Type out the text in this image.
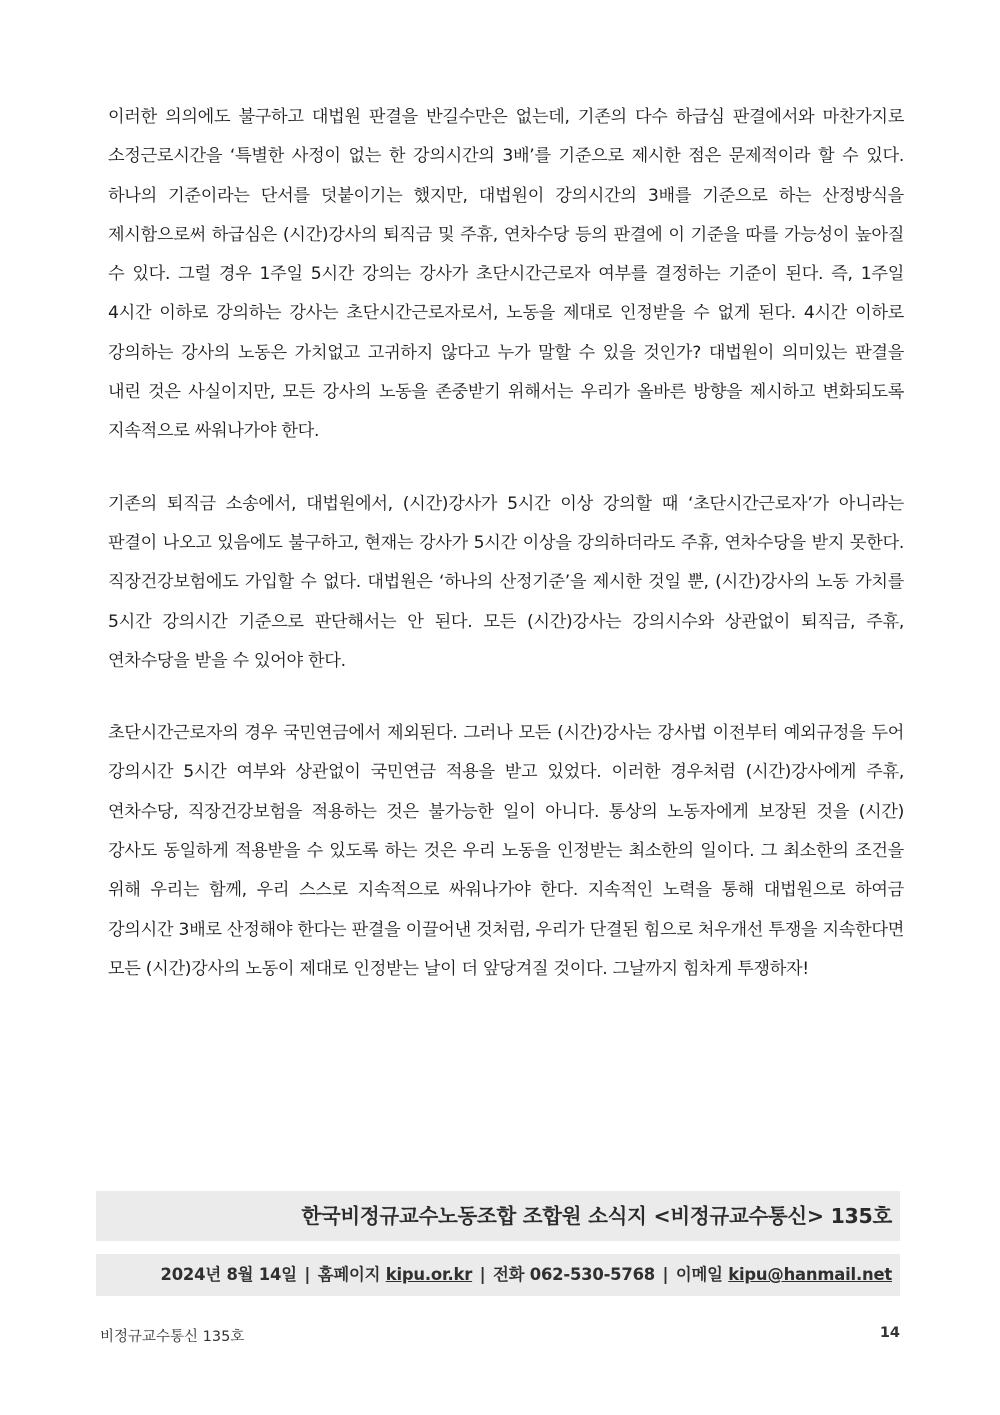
이러한 의의에도 불구하고 대법원 판결을 반길수만은 없는데, 기존의 다수 하급심 판결에서와 마찬가지로 소정근로시간을 ‘특별한 사정이 없는 한 강의시간의 3배’를 기준으로 제시한 점은 문제적이라 할 수 있다. 하나의 기준이라는 단서를 덧붙이기는 했지만, 대법원이 강의시간의 3배를 기준으로 하는 산정방식을 제시함으로써 하급심은 (시간)강사의 퇴직금 및 주휴, 연차수당 등의 판결에 이 기준을 따를 가능성이 높아질 수 있다. 그럴 경우 1주일 5시간 강의는 강사가 초단시간근로자 여부를 결정하는 기준이 된다. 즉, 1주일 4시간 이하로 강의하는 강사는 초단시간근로자로서, 노동을 제대로 인정받을 수 없게 된다. 4시간 이하로 강의하는 강사의 노동은 가치없고 고귀하지 않다고 누가 말할 수 있을 것인가? 대법원이 의미있는 판결을 내린 것은 사실이지만, 모든 강사의 노동을 존중받기 위해서는 우리가 올바른 방향을 제시하고 변화되도록 지속적으로 싸워나가야 한다.

기존의 퇴직금 소송에서, 대법원에서, (시간)강사가 5시간 이상 강의할 때 ‘초단시간근로자’가 아니라는 판결이 나오고 있음에도 불구하고, 현재는 강사가 5시간 이상을 강의하더라도 주휴, 연차수당을 받지 못한다. 직장건강보험에도 가입할 수 없다. 대법원은 ‘하나의 산정기준’을 제시한 것일 뿐, (시간)강사의 노동 가치를 5시간 강의시간 기준으로 판단해서는 안 된다. 모든 (시간)강사는 강의시수와 상관없이 퇴직금, 주휴, 연차수당을 받을 수 있어야 한다.

초단시간근로자의 경우 국민연금에서 제외된다. 그러나 모든 (시간)강사는 강사법 이전부터 예외규정을 두어 강의시간 5시간 여부와 상관없이 국민연금 적용을 받고 있었다. 이러한 경우처럼 (시간)강사에게 주휴, 연차수당, 직장건강보험을 적용하는 것은 불가능한 일이 아니다. 통상의 노동자에게 보장된 것을 (시간)강사도 동일하게 적용받을 수 있도록 하는 것은 우리 노동을 인정받는 최소한의 일이다. 그 최소한의 조건을 위해 우리는 함께, 우리 스스로 지속적으로 싸워나가야 한다. 지속적인 노력을 통해 대법원으로 하여금 강의시간 3배로 산정해야 한다는 판결을 이끌어낸 것처럼, 우리가 단결된 힘으로 처우개선 투쟁을 지속한다면 모든 (시간)강사의 노동이 제대로 인정받는 날이 더 앞당겨질 것이다. 그날까지 힘차게 투쟁하자!

한국비정규교수노동조합 조합원 소식지 <비정규교수통신> 135호
2024년 8월 14일 | 홈페이지 kipu.or.kr | 전화 062-530-5768 | 이메일 kipu@hanmail.net
비정규교수통신 135호	14
